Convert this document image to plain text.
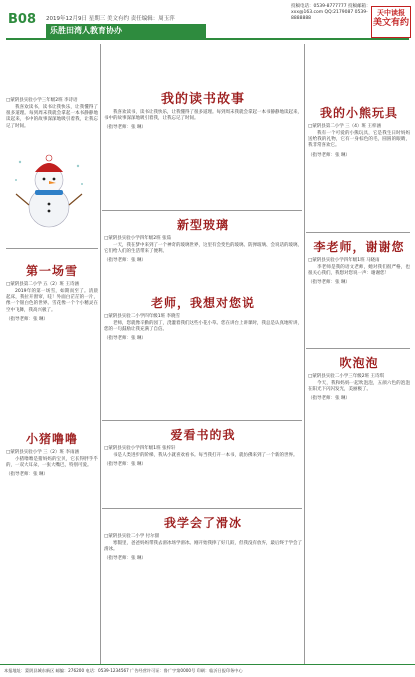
B08 2019年12月9日 星期三 美文有约 责任编辑：周玉萍
乐胜田湾人教育协办
投稿电话：0539-8777777 投稿邮箱：xxx@163.com QQ:2179087 0539-8888888
天中读报
美文有约
□蒙阴县实验小学三年级2班 李诗语

我喜欢读书，读书让我快乐，让我懂得了很多道理。每到周末我就会拿起一本书静静地读起来，书中的故事深深地吸引着我，让我忘记了时间。

第一场雪
□蒙阴县第二小学 五（2）班 王诗涵

2019年的第一场雪，如期而至了。清晨起床，我拉开窗帘，哇！外面白茫茫的一片，像一个银白色的世界。雪花像一个个小精灵在空中飞舞，我高兴极了。

（指导老师：张 琳）
小猪噜噜
□蒙阴县实验小学 三（2）班 李雨涵

小猪噜噜是猪妈妈的宝贝，它长得胖乎乎的，一双大耳朵，一张大嘴巴，特别可爱。

（指导老师：张 琳）
我的读书故事

我喜欢读书，读书让我快乐，让我懂得了很多道理。每到周末我就会拿起一本书静静地读起来，书中的故事深深地吸引着我，让我忘记了时间。

（指导老师：张 琳）
新型玻璃
□蒙阴县实验小学四年级2班 张茹

一天，我在梦中来到了一个神奇的玻璃世界，这里有会变色的玻璃、防弹玻璃、会说话的玻璃，它们给人们的生活带来了便利。

（指导老师：张 琳）
老师，我想对您说
□蒙阴县实验二小学四年级1班 李晓雪

老师，您就像辛勤的园丁，浇灌着我们这些小花小草。您在讲台上讲课时，我总是认真地听讲，您的一句鼓励让我充满了自信。

（指导老师：张 琳）
爱看书的我
□蒙阴县实验小学四年级1班 张梓轩

书是人类进步的阶梯，我从小就喜欢看书。每当我打开一本书，就仿佛来到了一个新的世界。

（指导老师：张 琳）
我学会了滑冰
□蒙阴县实验二小学 付尔甜

寒假里，爸爸妈妈带我去滑冰场学滑冰。刚开始我摔了好几跤，但我没有放弃，最后终于学会了滑冰。

（指导老师：张 琳）
我的小熊玩具
□蒙阴县第二小学 三（4）班 王梓涵

我有一个可爱的小熊玩具，它是我生日时妈妈送给我的礼物，它有一身棕色的毛，圆圆的眼睛，我非常喜欢它。

（指导老师：张 琳）
李老师，谢谢您
□蒙阴县实验小学四年级1班 马晓雨

李老师是我的语文老师，她对我们很严格，也很关心我们，我想对您说一声：谢谢您！

（指导老师：张 琳）
吹泡泡
□蒙阴县实验二小学三年级2班 王诗琪

今天，我和妈妈一起吹泡泡，五颜六色的泡泡在阳光下闪闪发光，美丽极了。

（指导老师：张 琳）
本报地址：蒙阴县城东新区 邮编：276200 电话：0539-1234567 广告经营许可证：鲁广字第0000号 印刷：临沂日报印务中心
